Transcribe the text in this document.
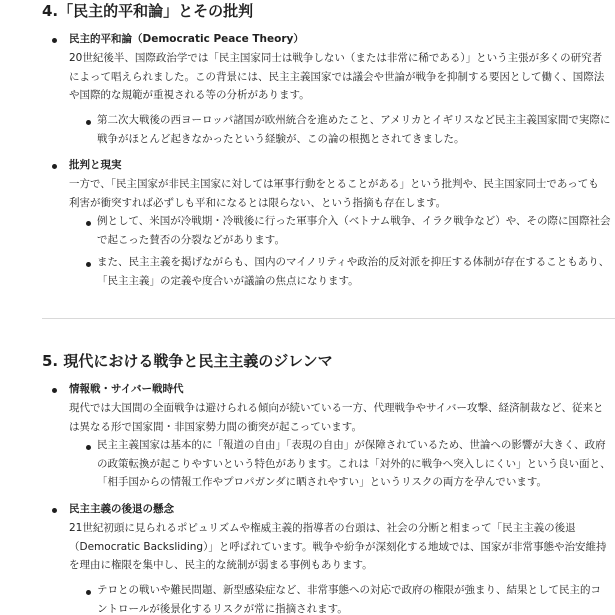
4.「民主的平和論」とその批判
民主的平和論（Democratic Peace Theory）

20世紀後半、国際政治学では「民主国家同士は戦争しない（または非常に稀である）」という主張が多くの研究者によって唱えられました。この背景には、民主主義国家では議会や世論が戦争を抑制する要因として働く、国際法や国際的な規範が重視される等の分析があります。

第二次大戦後の西ヨーロッパ諸国が欧州統合を進めたこと、アメリカとイギリスなど民主主義国家間で実際に戦争がほとんど起きなかったという経験が、この論の根拠とされてきました。

批判と現実

一方で、「民主国家が非民主国家に対しては軍事行動をとることがある」という批判や、民主国家同士であっても利害が衝突すれば必ずしも平和になるとは限らない、という指摘も存在します。

例として、米国が冷戦期・冷戦後に行った軍事介入（ベトナム戦争、イラク戦争など）や、その際に国際社会で起こった賛否の分裂などがあります。

また、民主主義を掲げながらも、国内のマイノリティや政治的反対派を抑圧する体制が存在することもあり、「民主主義」の定義や度合いが議論の焦点になります。

5. 現代における戦争と民主主義のジレンマ
情報戦・サイバー戦時代

現代では大国間の全面戦争は避けられる傾向が続いている一方、代理戦争やサイバー攻撃、経済制裁など、従来とは異なる形で国家間・非国家勢力間の衝突が起こっています。

民主主義国家は基本的に「報道の自由」「表現の自由」が保障されているため、世論への影響が大きく、政府の政策転換が起こりやすいという特色があります。これは「対外的に戦争へ突入しにくい」という良い面と、「相手国からの情報工作やプロパガンダに晒されやすい」というリスクの両方を孕んでいます。

民主主義の後退の懸念

21世紀初頭に見られるポピュリズムや権威主義的指導者の台頭は、社会の分断と相まって「民主主義の後退（Democratic Backsliding）」と呼ばれています。戦争や紛争が深刻化する地域では、国家が非常事態や治安維持を理由に権限を集中し、民主的な統制が弱まる事例もあります。

テロとの戦いや難民問題、新型感染症など、非常事態への対応で政府の権限が強まり、結果として民主的コントロールが後景化するリスクが常に指摘されます。
